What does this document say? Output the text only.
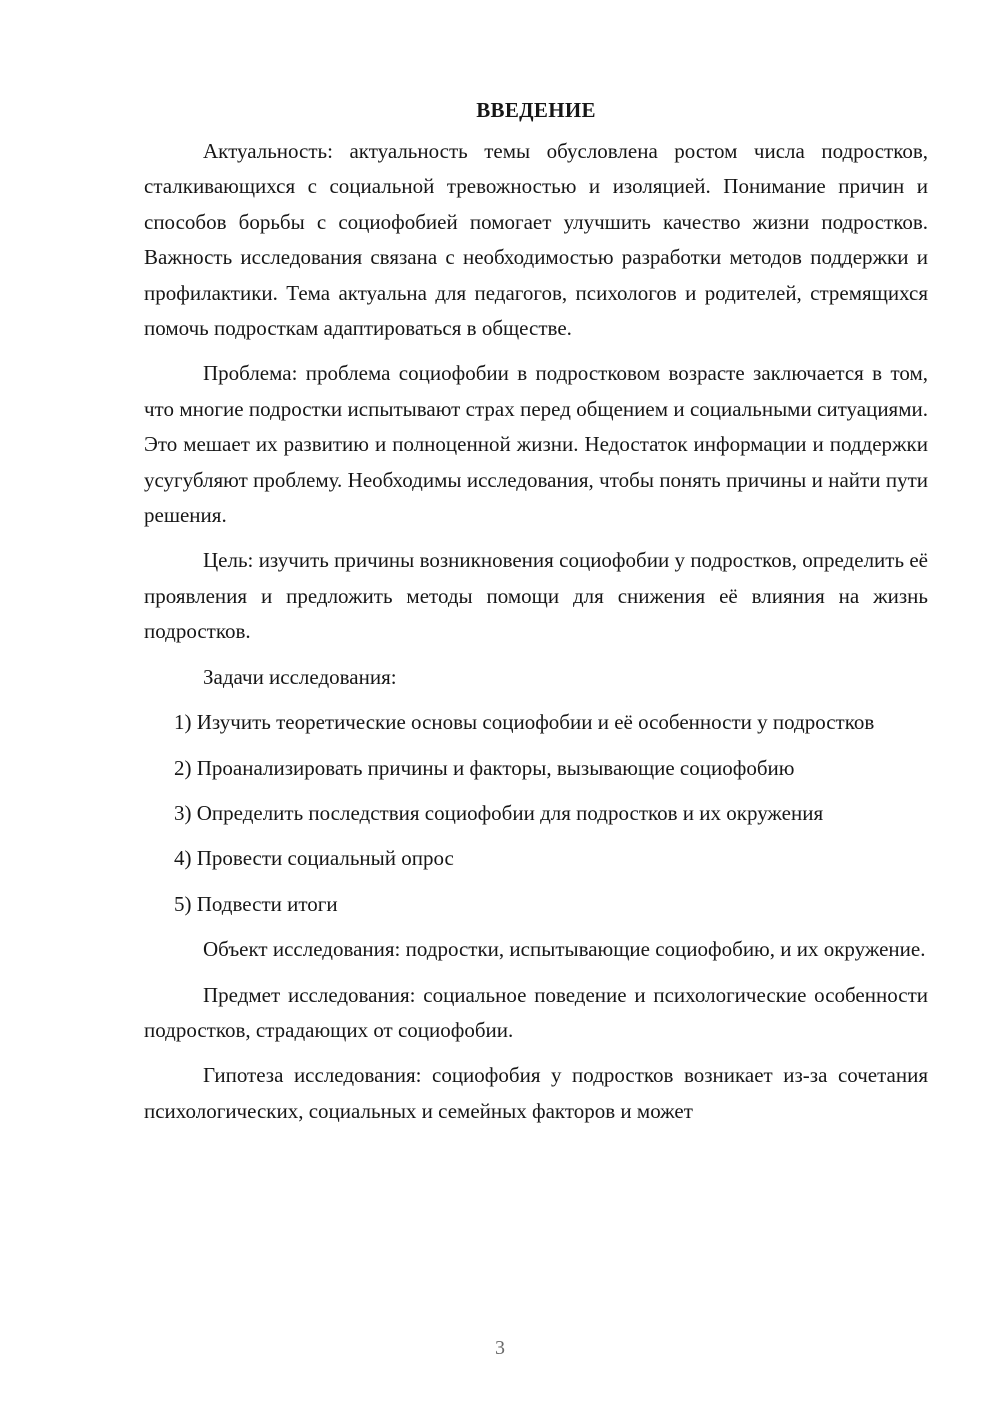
ВВЕДЕНИЕ

Актуальность: актуальность темы обусловлена ростом числа подростков, сталкивающихся с социальной тревожностью и изоляцией. Понимание причин и способов борьбы с социофобией помогает улучшить качество жизни подростков. Важность исследования связана с необходимостью разработки методов поддержки и профилактики. Тема актуальна для педагогов, психологов и родителей, стремящихся помочь подросткам адаптироваться в обществе.

Проблема: проблема социофобии в подростковом возрасте заключается в том, что многие подростки испытывают страх перед общением и социальными ситуациями. Это мешает их развитию и полноценной жизни. Недостаток информации и поддержки усугубляют проблему. Необходимы исследования, чтобы понять причины и найти пути решения.

Цель: изучить причины возникновения социофобии у подростков, определить её проявления и предложить методы помощи для снижения её влияния на жизнь подростков.

Задачи исследования:

1) Изучить теоретические основы социофобии и её особенности у подростков

2) Проанализировать причины и факторы, вызывающие социофобию

3) Определить последствия социофобии для подростков и их окружения

4) Провести социальный опрос

5) Подвести итоги

Объект исследования: подростки, испытывающие социофобию, и их окружение.

Предмет исследования: социальное поведение и психологические особенности подростков, страдающих от социофобии.

Гипотеза исследования: социофобия у подростков возникает из-за сочетания психологических, социальных и семейных факторов и может

3
